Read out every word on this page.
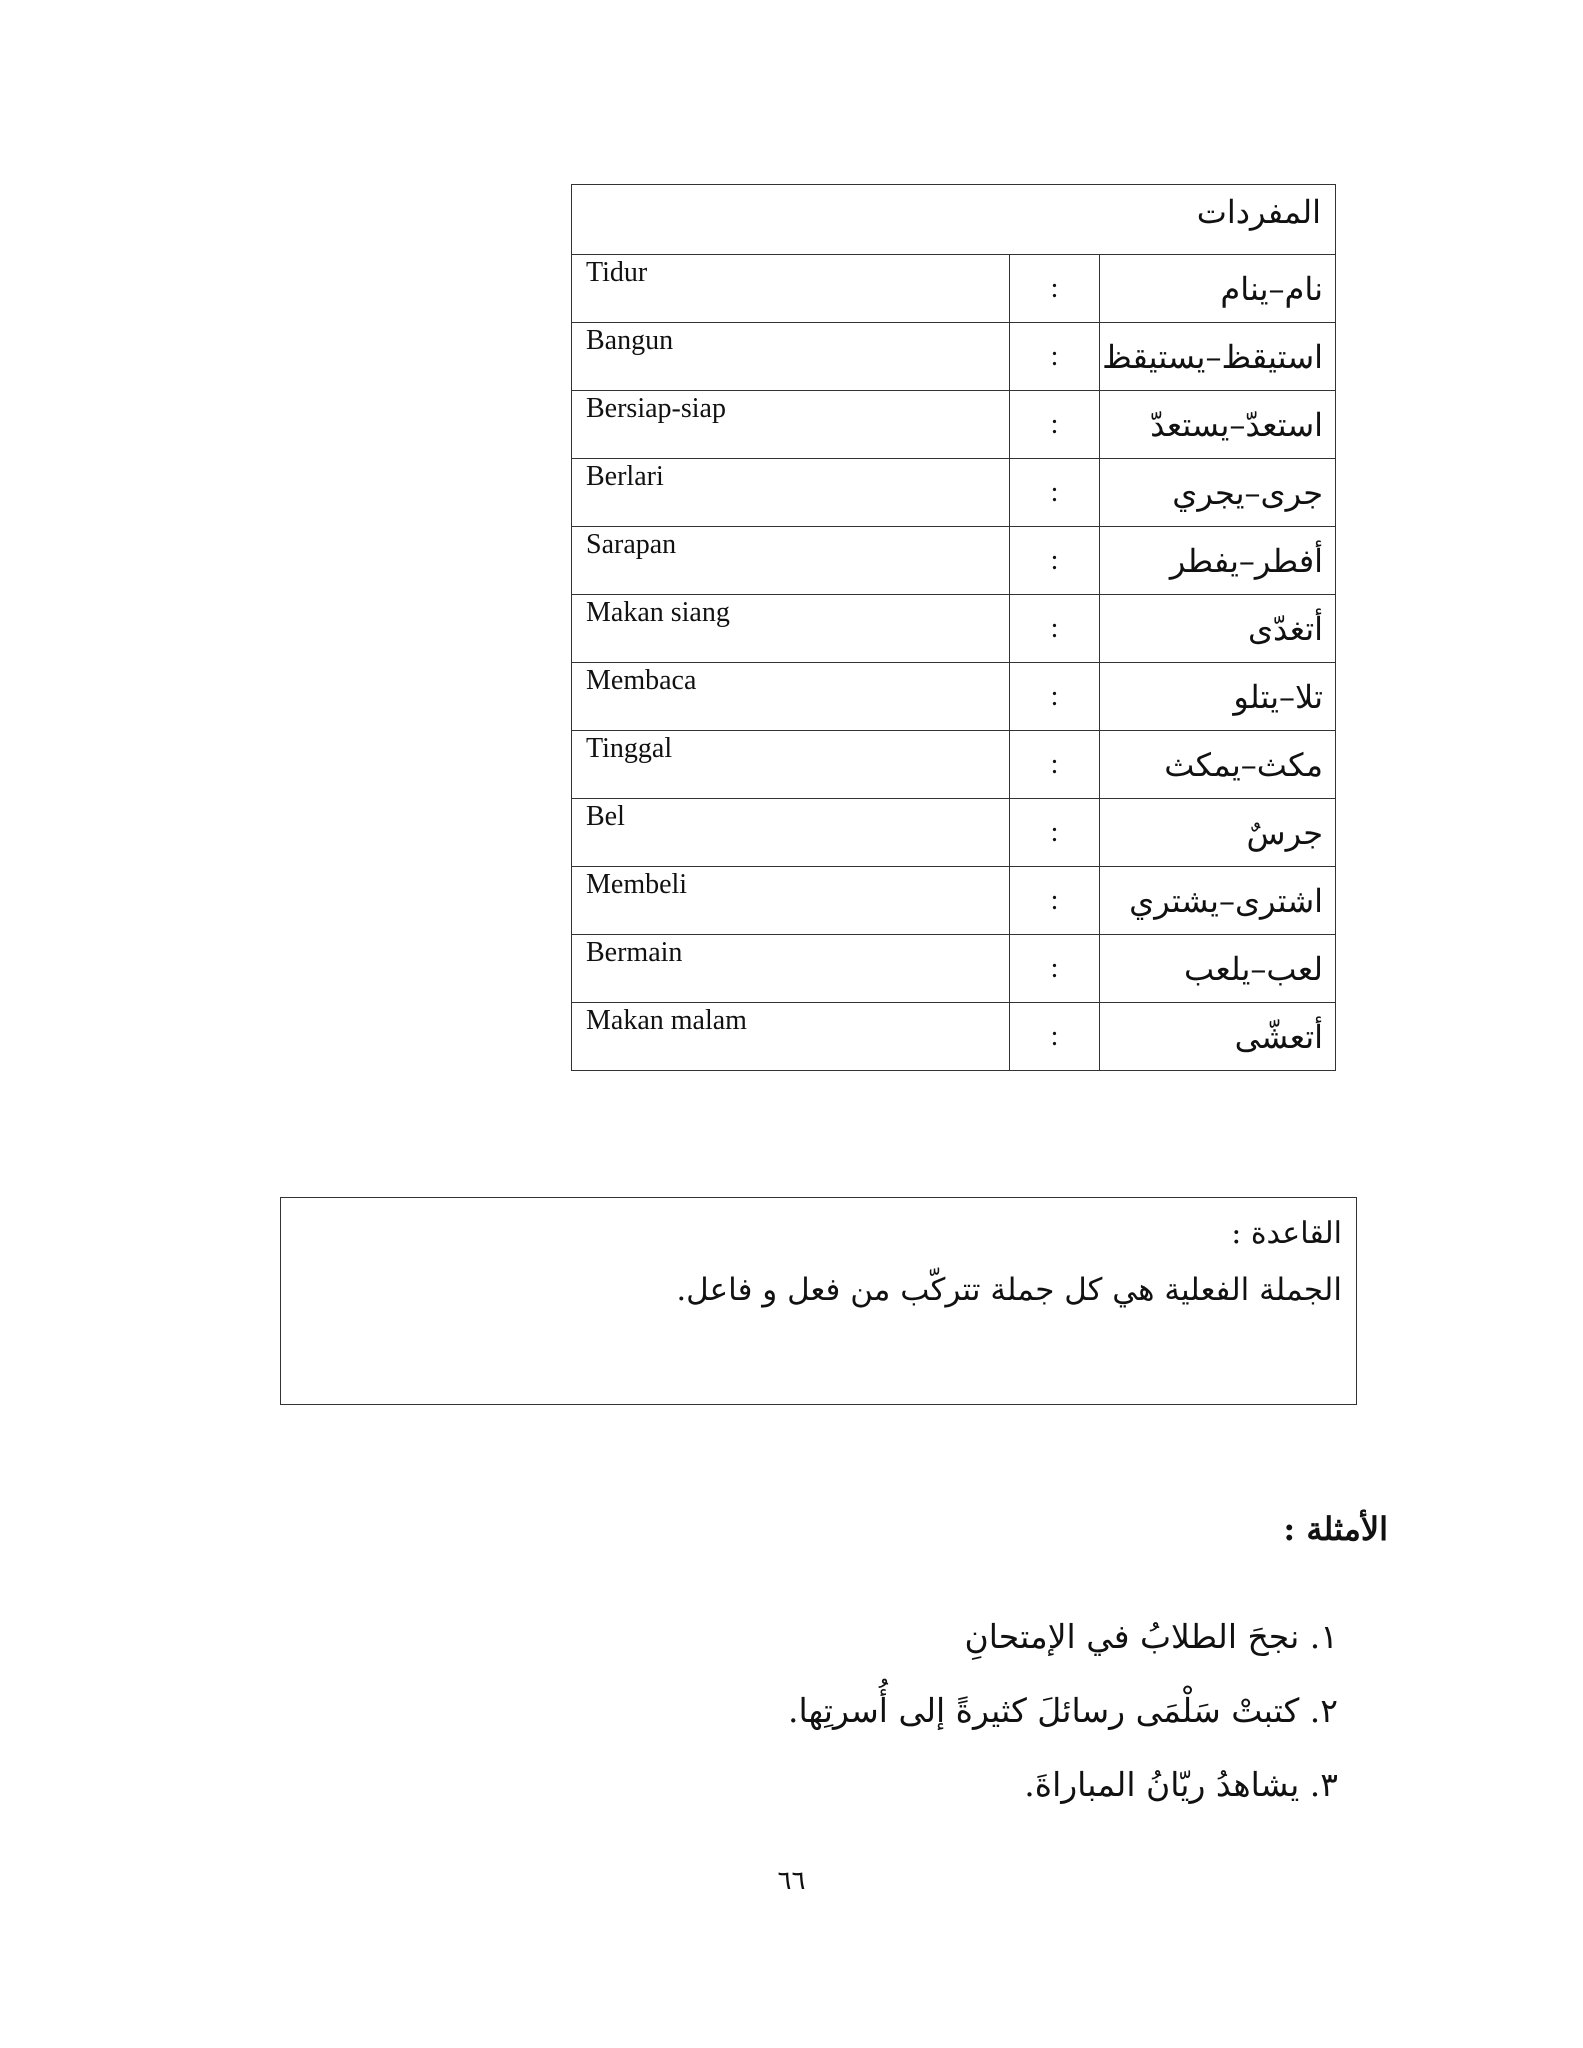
المفردات		
Tidur	:	نام–ينام
Bangun	:	استيقظ–يستيقظ
Bersiap-siap	:	استعدّ–يستعدّ
Berlari	:	جرى–يجري
Sarapan	:	أفطر–يفطر
Makan siang	:	أتغدّى
Membaca	:	تلا–يتلو
Tinggal	:	مكث–يمكث
Bel	:	جرسٌ
Membeli	:	اشترى–يشتري
Bermain	:	لعب–يلعب
Makan malam	:	أتعشّى
القاعدة :
الجملة الفعلية هي كل جملة تتركّب من فعل و فاعل.
الأمثلة :
١. نجحَ الطلابُ في الإمتحانِ
٢. كتبتْ سَلْمَى رسائلَ كثيرةً إلى أُسرتِها.
٣. يشاهدُ ريّانُ المباراةَ.
٦٦
